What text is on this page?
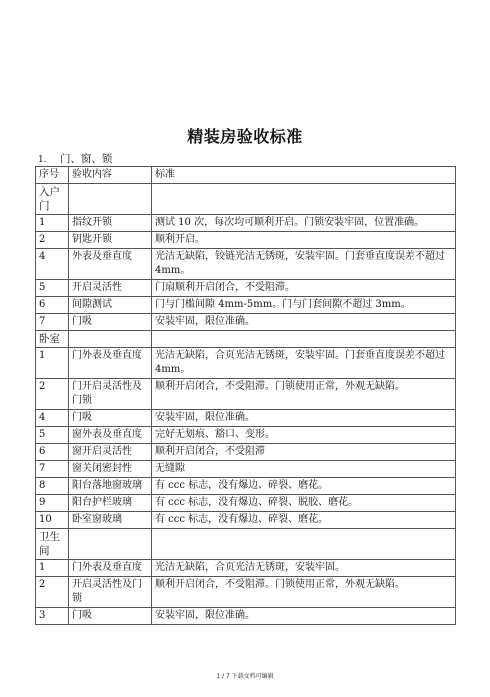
精装房验收标准
1. 门、窗、锁
序号	验收内容	标准
入户门		
1	指纹开锁	测试 10 次，每次均可顺利开启。门锁安装牢固，位置准确。
2	钥匙开锁	顺利开启。
4	外表及垂直度	光洁无缺陷，铰链光洁无锈斑，安装牢固。门套垂直度误差不超过 4mm。
5	开启灵活性	门扇顺利开启闭合，不受阻滞。
6	间隙测试	门与门槛间隙 4mm-5mm。门与门套间隙不超过 3mm。
7	门吸	安装牢固，限位准确。
卧室		
1	门外表及垂直度	光洁无缺陷，合页光洁无锈斑，安装牢固。门套垂直度误差不超过 4mm。
2	门开启灵活性及门锁	顺利开启闭合，不受阻滞。门锁使用正常，外观无缺陷。
4	门吸	安装牢固，限位准确。
5	窗外表及垂直度	完好无划痕、豁口、变形。
6	窗开启灵活性	顺利开启闭合，不受阻滞
7	窗关闭密封性	无缝隙
8	阳台落地窗玻璃	有 ccc 标志，没有爆边、碎裂、磨花。
9	阳台护栏玻璃	有 ccc 标志，没有爆边、碎裂、脱胶、磨花。
10	卧室窗玻璃	有 ccc 标志，没有爆边、碎裂、磨花。
卫生间		
1	门外表及垂直度	光洁无缺陷，合页光洁无锈斑，安装牢固。
2	开启灵活性及门锁	顺利开启闭合，不受阻滞。门锁使用正常，外观无缺陷。
3	门吸	安装牢固，限位准确。
1 / 7 下载文档可编辑
